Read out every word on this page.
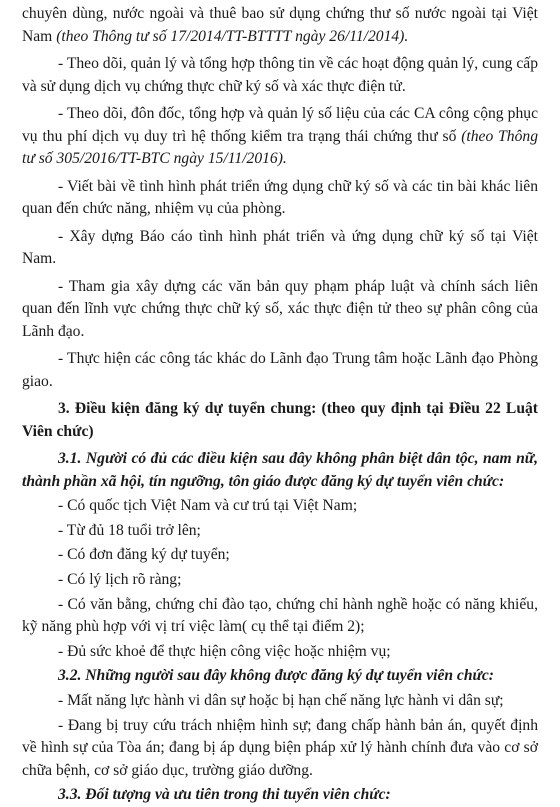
chuyên dùng, nước ngoài và thuê bao sử dụng chứng thư số nước ngoài tại Việt Nam (theo Thông tư số 17/2014/TT-BTTTT ngày 26/11/2014).

- Theo dõi, quản lý và tổng hợp thông tin về các hoạt động quản lý, cung cấp và sử dụng dịch vụ chứng thực chữ ký số và xác thực điện tử.

- Theo dõi, đôn đốc, tổng hợp và quản lý số liệu của các CA công cộng phục vụ thu phí dịch vụ duy trì hệ thống kiểm tra trạng thái chứng thư số (theo Thông tư số 305/2016/TT-BTC ngày 15/11/2016).

- Viết bài về tình hình phát triển ứng dụng chữ ký số và các tin bài khác liên quan đến chức năng, nhiệm vụ của phòng.

- Xây dựng Báo cáo tình hình phát triển và ứng dụng chữ ký số tại Việt Nam.

- Tham gia xây dựng các văn bản quy phạm pháp luật và chính sách liên quan đến lĩnh vực chứng thực chữ ký số, xác thực điện tử theo sự phân công của Lãnh đạo.

- Thực hiện các công tác khác do Lãnh đạo Trung tâm hoặc Lãnh đạo Phòng giao.

3. Điều kiện đăng ký dự tuyển chung: (theo quy định tại Điều 22 Luật Viên chức)

3.1. Người có đủ các điều kiện sau đây không phân biệt dân tộc, nam nữ, thành phần xã hội, tín ngưỡng, tôn giáo được đăng ký dự tuyển viên chức:

- Có quốc tịch Việt Nam và cư trú tại Việt Nam;

- Từ đủ 18 tuổi trở lên;

- Có đơn đăng ký dự tuyển;

- Có lý lịch rõ ràng;

- Có văn bằng, chứng chỉ đào tạo, chứng chỉ hành nghề hoặc có năng khiếu, kỹ năng phù hợp với vị trí việc làm( cụ thể tại điểm 2);

- Đủ sức khoẻ để thực hiện công việc hoặc nhiệm vụ;

3.2. Những người sau đây không được đăng ký dự tuyển viên chức:

- Mất năng lực hành vi dân sự hoặc bị hạn chế năng lực hành vi dân sự;

- Đang bị truy cứu trách nhiệm hình sự; đang chấp hành bản án, quyết định về hình sự của Tòa án; đang bị áp dụng biện pháp xử lý hành chính đưa vào cơ sở chữa bệnh, cơ sở giáo dục, trường giáo dưỡng.

3.3. Đối tượng và ưu tiên trong thi tuyển viên chức:
